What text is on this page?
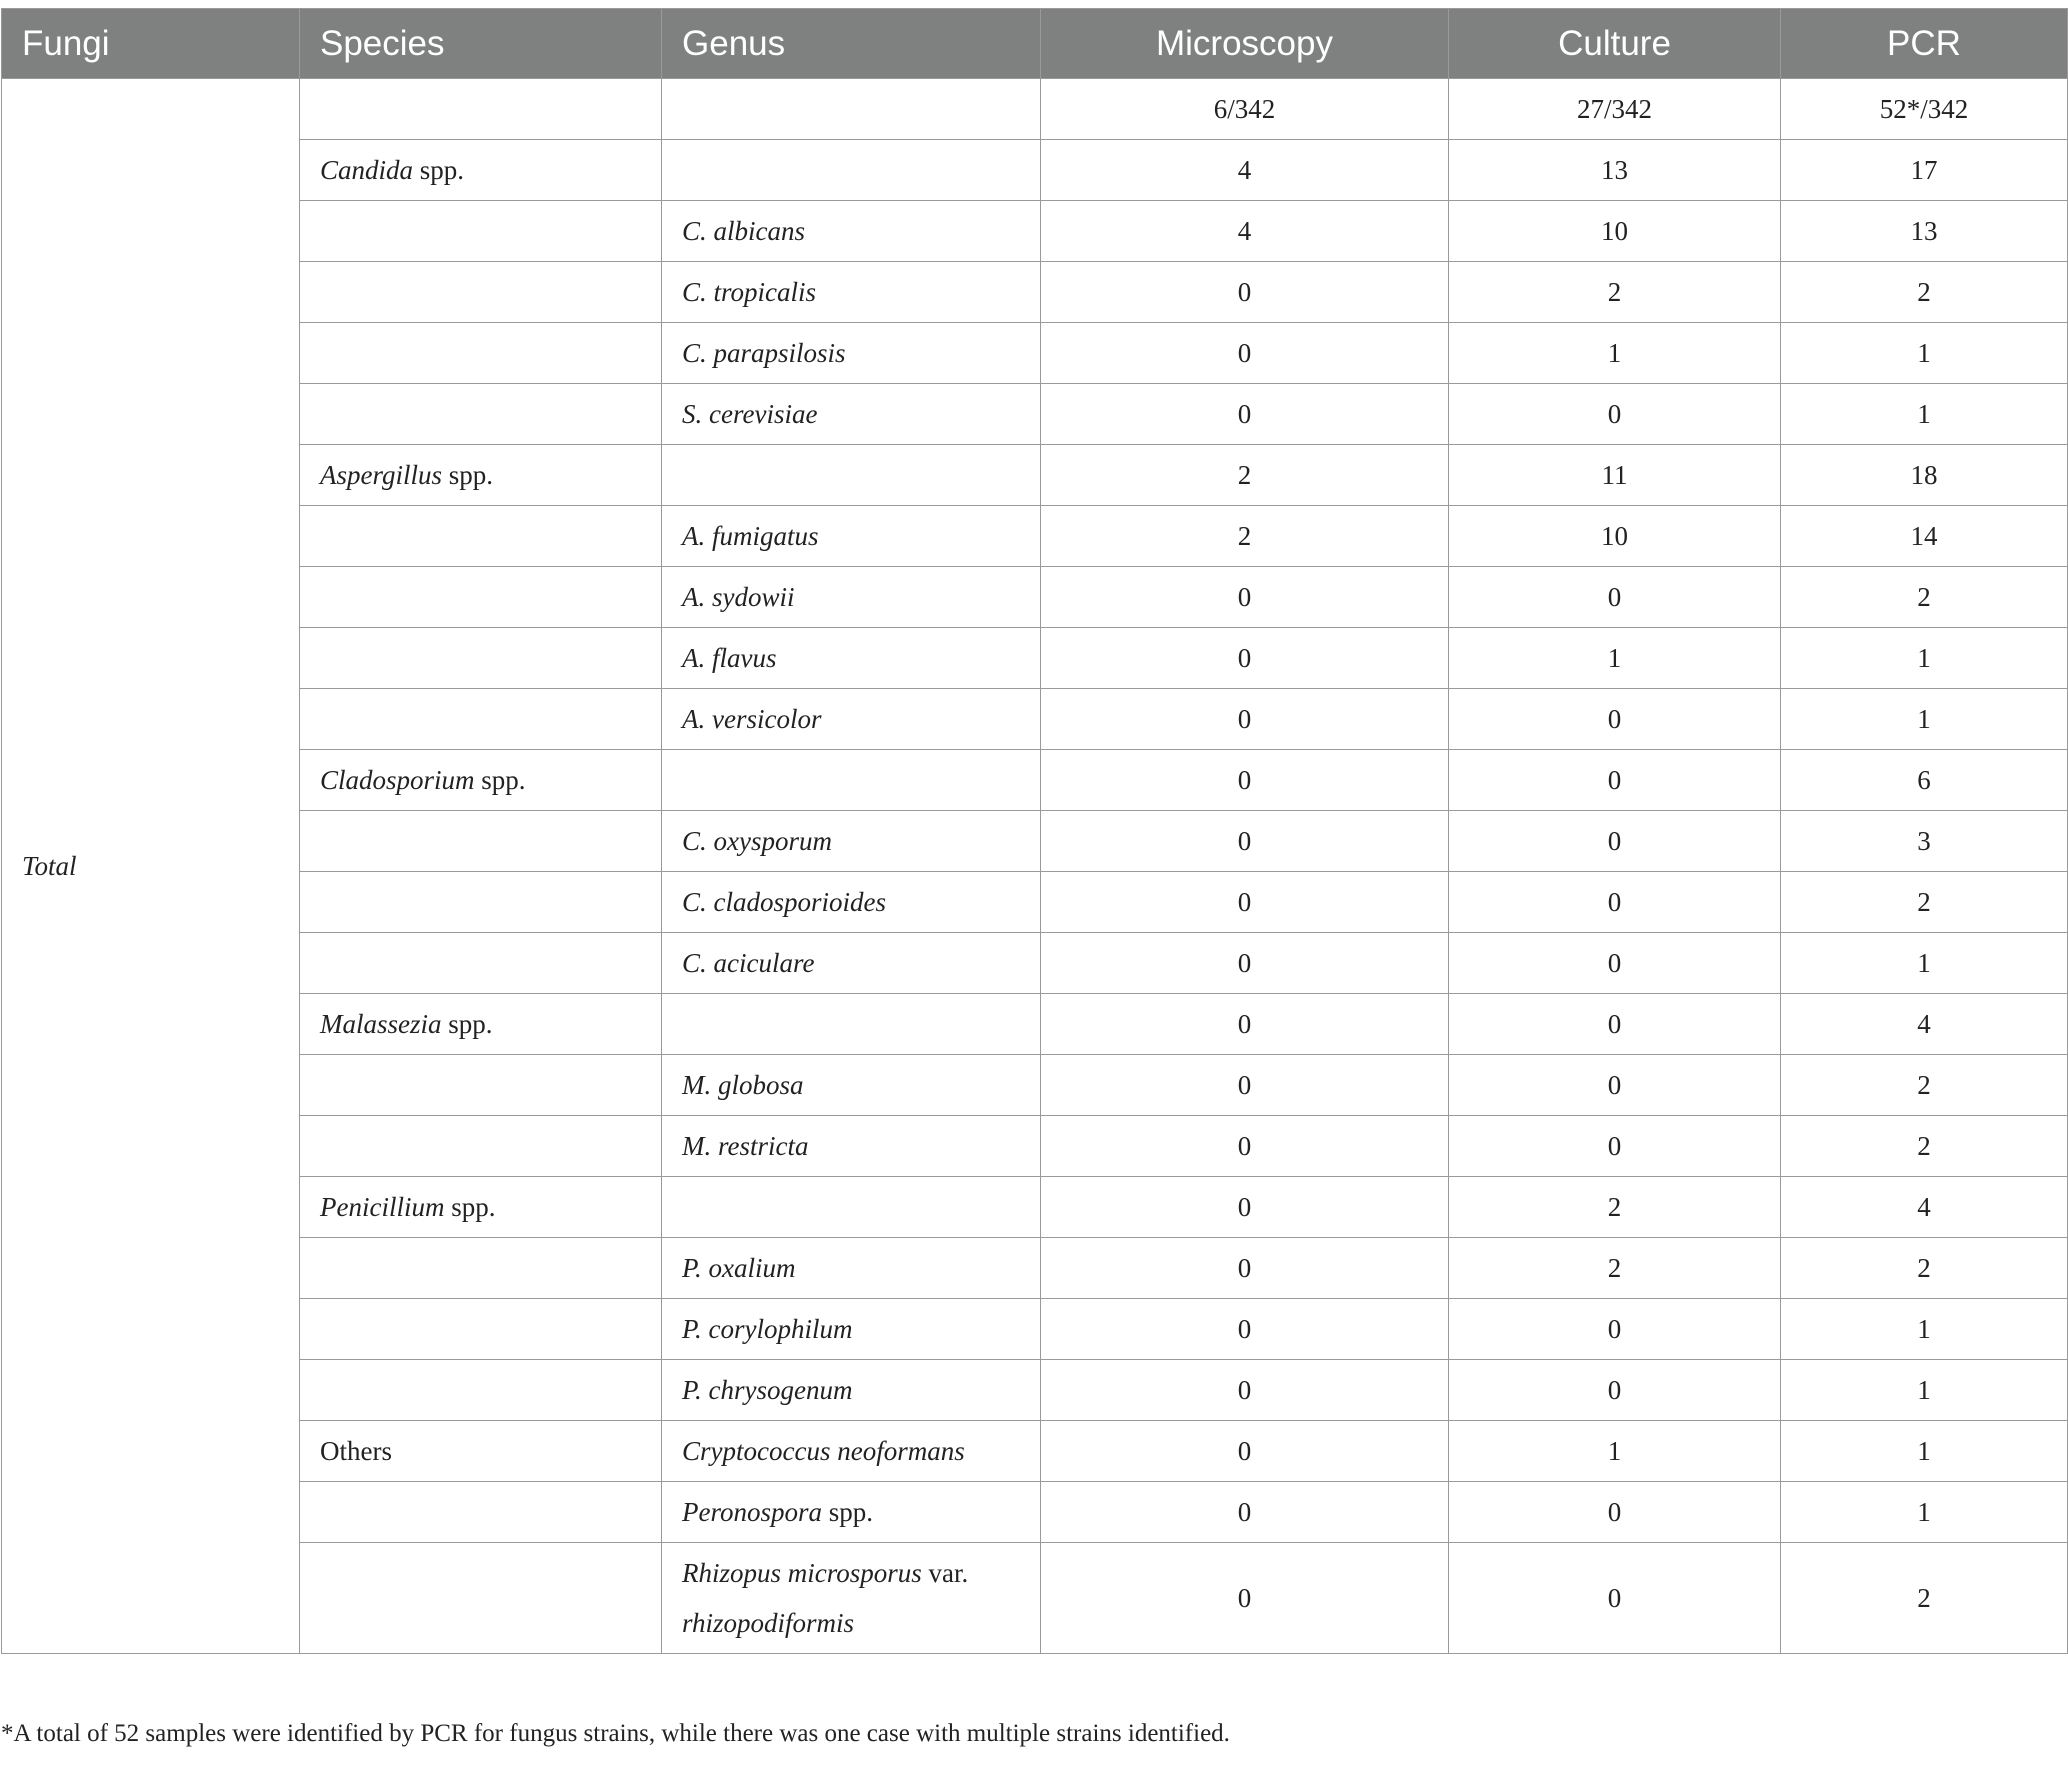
Fungi	Species	Genus	Microscopy	Culture	PCR
Total			6/342	27/342	52*/342
	Candida spp.		4	13	17
		C. albicans	4	10	13
		C. tropicalis	0	2	2
		C. parapsilosis	0	1	1
		S. cerevisiae	0	0	1
	Aspergillus spp.		2	11	18
		A. fumigatus	2	10	14
		A. sydowii	0	0	2
		A. flavus	0	1	1
		A. versicolor	0	0	1
	Cladosporium spp.		0	0	6
		C. oxysporum	0	0	3
		C. cladosporioides	0	0	2
		C. aciculare	0	0	1
	Malassezia spp.		0	0	4
		M. globosa	0	0	2
		M. restricta	0	0	2
	Penicillium spp.		0	2	4
		P. oxalium	0	2	2
		P. corylophilum	0	0	1
		P. chrysogenum	0	0	1
	Others	Cryptococcus neoformans	0	1	1
		Peronospora spp.	0	0	1
		Rhizopus microsporus var.
rhizopodiformis	0	0	2
*A total of 52 samples were identified by PCR for fungus strains, while there was one case with multiple strains identified.
